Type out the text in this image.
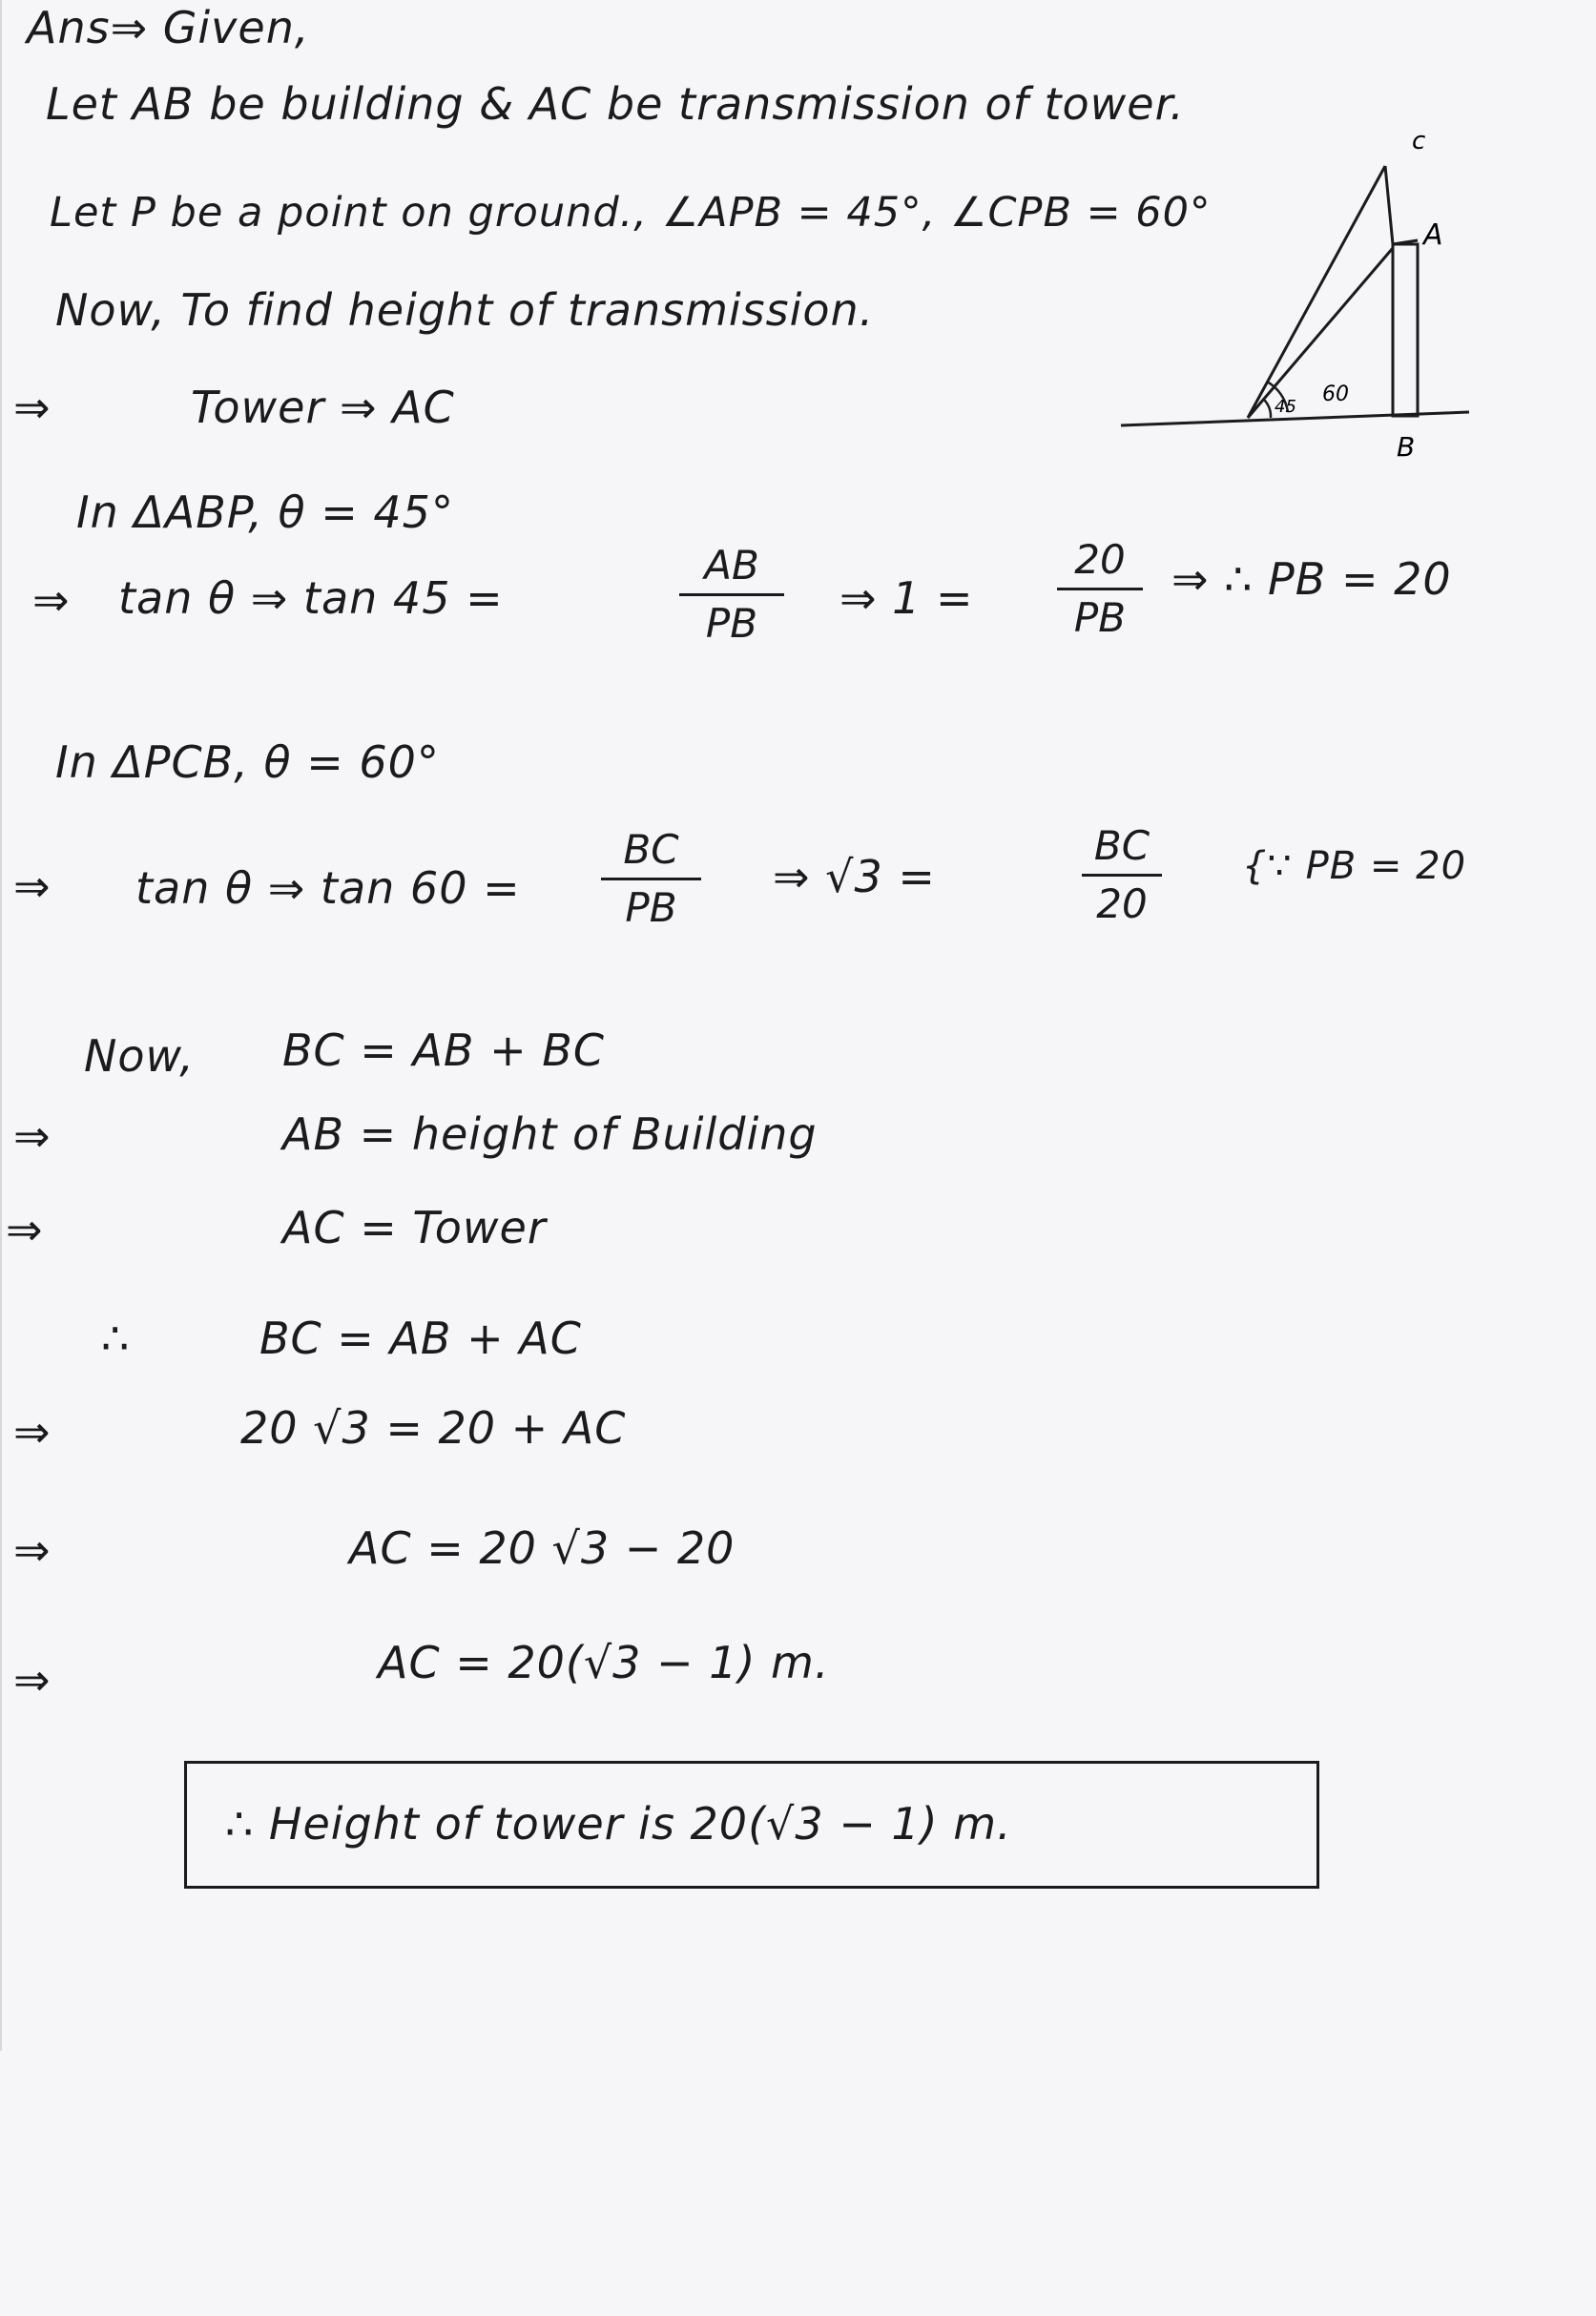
Ans⇒ Given,
Let AB be building & AC be transmission of tower.
Let P be a point on ground., ∠APB = 45°, ∠CPB = 60°
Now, To find height of transmission.
⇒	Tower ⇒ AC
In ΔABP, θ = 45°
⇒ tan θ ⇒ tan 45 =
AB
PB ⇒ 1 =
20
PB
⇒ ∴ PB = 20
In ΔPCB, θ = 60°
⇒ tan θ ⇒ tan 60 =
BC
PB
⇒ √3 =
BC
20
{∵ PB = 20
Now, BC = AB + BC
⇒	AB = height of Building
⇒	AC = Tower
∴	BC = AB + AC
⇒	20 √3 = 20 + AC
⇒	AC = 20 √3 − 20
⇒	AC = 20(√3 − 1) m.
∴ Height of tower is 20(√3 − 1) m.
45
60
c
A
B
